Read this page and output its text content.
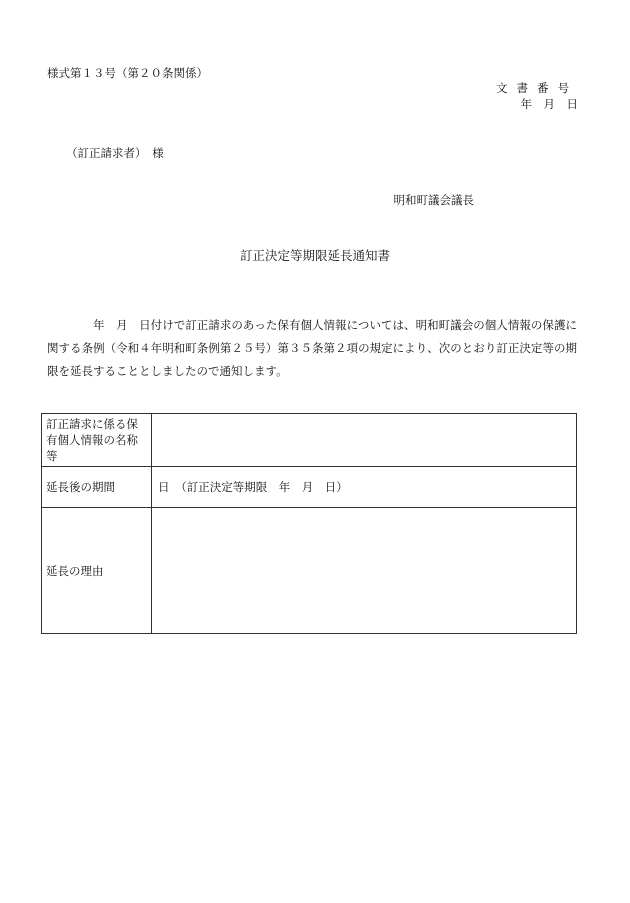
様式第１３号（第２０条関係）
文書番号
年　月　日
（訂正請求者）　様
明和町議会議長
訂正決定等期限延長通知書
年　月　日付けで訂正請求のあった保有個人情報については、明和町議会の個人情報の保護に関する条例（令和４年明和町条例第２５号）第３５条第２項の規定により、次のとおり訂正決定等の期限を延長することとしましたので通知します。
訂正請求に係る保有個人情報の名称等	
延長後の期間	日　（訂正決定等期限　年　月　日）
延長の理由	
